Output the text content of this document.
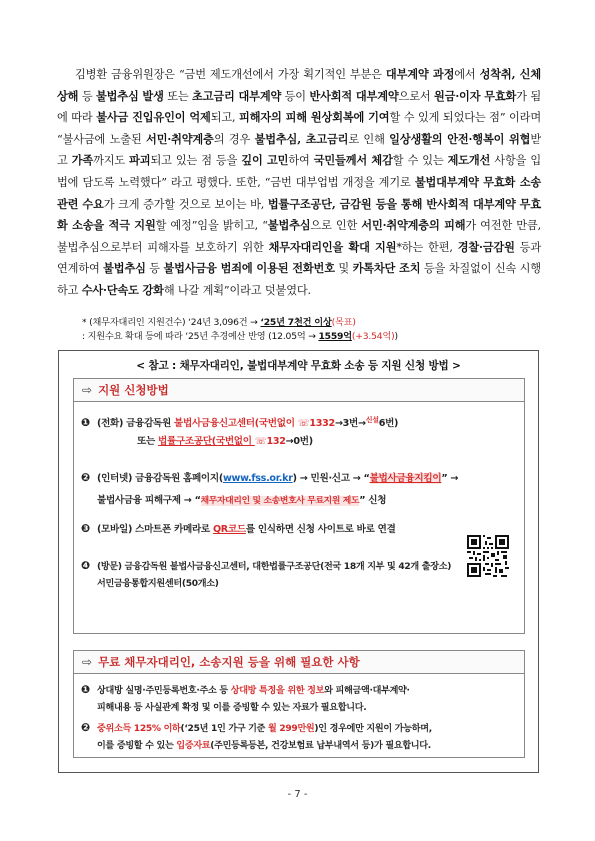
김병환 금융위원장은 “금번 제도개선에서 가장 획기적인 부분은 대부계약 과정에서 성착취, 신체상해 등 불법추심 발생 또는 초고금리 대부계약 등이 반사회적 대부계약으로서 원금·이자 무효화가 됨에 따라 불사금 진입유인이 억제되고, 피해자의 피해 원상회복에 기여할 수 있게 되었다는 점” 이라며 “불사금에 노출된 서민·취약계층의 경우 불법추심, 초고금리로 인해 일상생활의 안전·행복이 위협받고 가족까지도 파괴되고 있는 점 등을 깊이 고민하여 국민들께서 체감할 수 있는 제도개선 사항을 입법에 담도록 노력했다” 라고 평했다. 또한, “금번 대부업법 개정을 계기로 불법대부계약 무효화 소송 관련 수요가 크게 증가할 것으로 보이는 바, 법률구조공단, 금감원 등을 통해 반사회적 대부계약 무효화 소송을 적극 지원할 예정”임을 밝히고, “불법추심으로 인한 서민·취약계층의 피해가 여전한 만큼, 불법추심으로부터 피해자를 보호하기 위한 채무자대리인을 확대 지원*하는 한편, 경찰·금감원 등과 연계하여 불법추심 등 불법사금융 범죄에 이용된 전화번호 및 카톡차단 조치 등을 차질없이 신속 시행하고 수사·단속도 강화해 나갈 계획”이라고 덧붙였다.
* (채무자대리인 지원건수) ‘24년 3,096건 → ‘25년 7천건 이상(목표)
: 지원수요 확대 등에 따라 ‘25년 추경예산 반영 (12.05억 → 1559억(+3.54억))
< 참고 : 채무자대리인, 불법대부계약 무효화 소송 등 지원 신청 방법 >
⇨ 지원 신청방법
❶ (전화) 금융감독원 불법사금융신고센터(국번없이 ☏1332→3번→$^{신설}$6번)
또는 법률구조공단(국번없이 ☏132→0번)
❷ (인터넷) 금융감독원 홈페이지(www.fss.or.kr) → 민원·신고 → “불법사금융지킴이” →
불법사금융 피해구제 → “채무자대리인 및 소송변호사 무료지원 제도” 신청
❸ (모바일) 스마트폰 카메라로 QR코드를 인식하면 신청 사이트로 바로 연결
❹ (방문) 금융감독원 불법사금융신고센터, 대한법률구조공단(전국 18개 지부 및 42개 출장소)
서민금융통합지원센터(50개소)
⇨ 무료 채무자대리인, 소송지원 등을 위해 필요한 사항
❶ 상대방 실명·주민등록번호·주소 등 상대방 특정을 위한 정보와 피해금액·대부계약·
피해내용 등 사실관계 확정 및 이를 증빙할 수 있는 자료가 필요합니다.
❷ 중위소득 125% 이하(‘25년 1인 가구 기준 월 299만원)인 경우에만 지원이 가능하며,
이를 증빙할 수 있는 입증자료(주민등록등본, 건강보험료 납부내역서 등)가 필요합니다.
- 7 -
